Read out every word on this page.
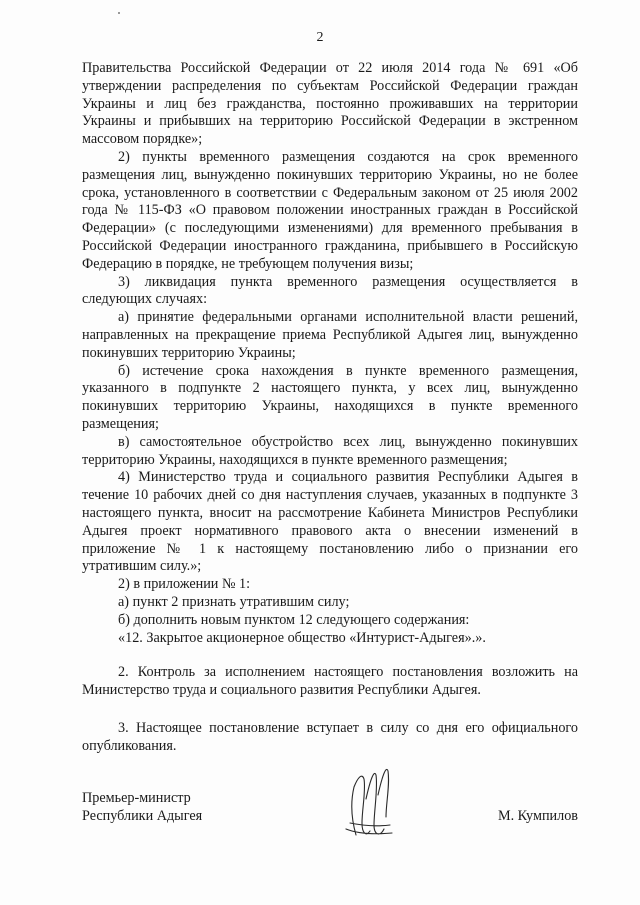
2

Правительства Российской Федерации от 22 июля 2014 года № 691 «Об утверждении распределения по субъектам Российской Федерации граждан Украины и лиц без гражданства, постоянно проживавших на территории Украины и прибывших на территорию Российской Федерации в экстренном массовом порядке»;

2) пункты временного размещения создаются на срок временного размещения лиц, вынужденно покинувших территорию Украины, но не более срока, установленного в соответствии с Федеральным законом от 25 июля 2002 года № 115-ФЗ «О правовом положении иностранных граждан в Российской Федерации» (с последующими изменениями) для временного пребывания в Российской Федерации иностранного гражданина, прибывшего в Российскую Федерацию в порядке, не требующем получения визы;

3) ликвидация пункта временного размещения осуществляется в следующих случаях:

а) принятие федеральными органами исполнительной власти решений, направленных на прекращение приема Республикой Адыгея лиц, вынужденно покинувших территорию Украины;

б) истечение срока нахождения в пункте временного размещения, указанного в подпункте 2 настоящего пункта, у всех лиц, вынужденно покинувших территорию Украины, находящихся в пункте временного размещения;

в) самостоятельное обустройство всех лиц, вынужденно покинувших территорию Украины, находящихся в пункте временного размещения;

4) Министерство труда и социального развития Республики Адыгея в течение 10 рабочих дней со дня наступления случаев, указанных в подпункте 3 настоящего пункта, вносит на рассмотрение Кабинета Министров Республики Адыгея проект нормативного правового акта о внесении изменений в приложение № 1 к настоящему постановлению либо о признании его утратившим силу.»;

2) в приложении № 1:

а) пункт 2 признать утратившим силу;

б) дополнить новым пунктом 12 следующего содержания:

«12. Закрытое акционерное общество «Интурист-Адыгея».».

2. Контроль за исполнением настоящего постановления возложить на Министерство труда и социального развития Республики Адыгея.

3. Настоящее постановление вступает в силу со дня его официального опубликования.

Премьер-министр
Республики Адыгея	М. Кумпилов
